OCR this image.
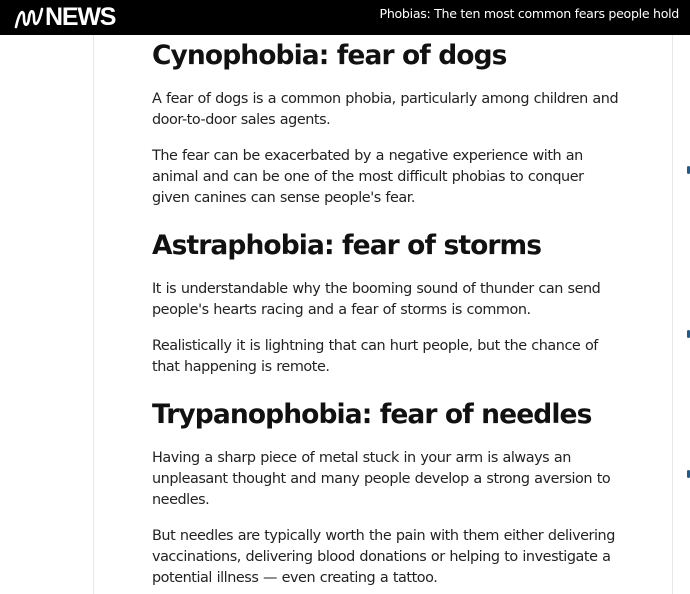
NEWS	Phobias: The ten most common fears people hold
Cynophobia: fear of dogs

A fear of dogs is a common phobia, particularly among children and door-to-door sales agents.

The fear can be exacerbated by a negative experience with an animal and can be one of the most difficult phobias to conquer given canines can sense people's fear.

Astraphobia: fear of storms

It is understandable why the booming sound of thunder can send people's hearts racing and a fear of storms is common.

Realistically it is lightning that can hurt people, but the chance of that happening is remote.

Trypanophobia: fear of needles

Having a sharp piece of metal stuck in your arm is always an unpleasant thought and many people develop a strong aversion to needles.

But needles are typically worth the pain with them either delivering vaccinations, delivering blood donations or helping to investigate a potential illness — even creating a tattoo.
